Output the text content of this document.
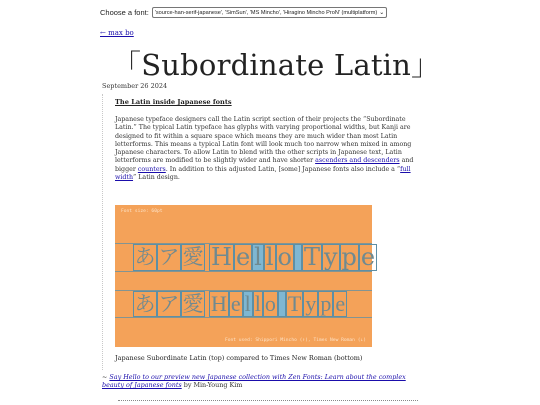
Choose a font: 'source-han-serif-japanese', 'SimSun', 'MS Mincho', 'Hiragino Mincho ProN' (multiplatform) ⌄
← max bo
「Subordinate Latin」
September 26 2024
The Latin inside Japanese fonts

Japanese typeface designers call the Latin script section of their projects the “Subordinate Latin.” The typical Latin typeface has glyphs with varying proportional widths, but Kanji are designed to fit within a square space which means they are much wider than most Latin letterforms. This means a typical Latin font will look much too narrow when mixed in among Japanese characters. To allow Latin to blend with the other scripts in Japanese text, Latin letterforms are modified to be slightly wider and have shorter ascenders and descenders and bigger counters. In addition to this adjusted Latin, [some] Japanese fonts also include a “full width” Latin design.

Font size: 60pt
あ ア 愛 H e l l o
T y p e
あ ア 愛 H e l l o
T y p e
Font used: Shippori Mincho (↑), Times New Roman (↓)
Japanese Subordinate Latin (top) compared to Times New Roman (bottom)
~ Say Hello to our preview new Japanese collection with Zen Fonts: Learn about the complex beauty of Japanese fonts by Min-Young Kim
